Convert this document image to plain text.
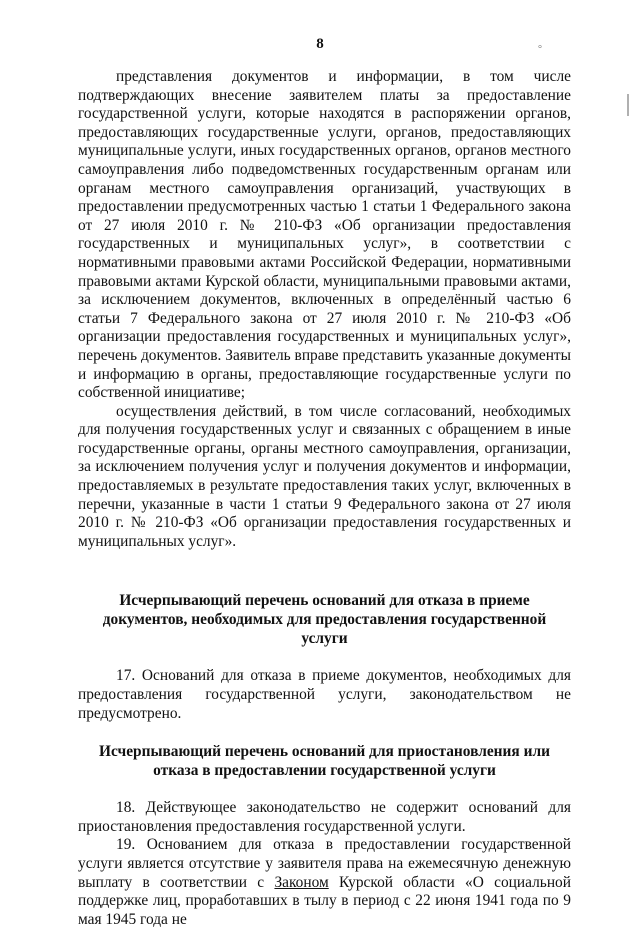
8	°

представления документов и информации, в том числе подтверждающих внесение заявителем платы за предоставление государственной услуги, которые находятся в распоряжении органов, предоставляющих государственные услуги, органов, предоставляющих муниципальные услуги, иных государственных органов, органов местного самоуправления либо подведомственных государственным органам или органам местного самоуправления организаций, участвующих в предоставлении предусмотренных частью 1 статьи 1 Федерального закона от 27 июля 2010 г. № 210-ФЗ «Об организации предоставления государственных и муниципальных услуг», в соответствии с нормативными правовыми актами Российской Федерации, нормативными правовыми актами Курской области, муниципальными правовыми актами, за исключением документов, включенных в определённый частью 6 статьи 7 Федерального закона от 27 июля 2010 г. № 210-ФЗ «Об организации предоставления государственных и муниципальных услуг», перечень документов. Заявитель вправе представить указанные документы и информацию в органы, предоставляющие государственные услуги по собственной инициативе;

осуществления действий, в том числе согласований, необходимых для получения государственных услуг и связанных с обращением в иные государственные органы, органы местного самоуправления, организации, за исключением получения услуг и получения документов и информации, предоставляемых в результате предоставления таких услуг, включенных в перечни, указанные в части 1 статьи 9 Федерального закона от 27 июля 2010 г. № 210-ФЗ «Об организации предоставления государственных и муниципальных услуг».

Исчерпывающий перечень оснований для отказа в приеме документов, необходимых для предоставления государственной услуги

17. Оснований для отказа в приеме документов, необходимых для предоставления государственной услуги, законодательством не предусмотрено.

Исчерпывающий перечень оснований для приостановления или отказа в предоставлении государственной услуги

18. Действующее законодательство не содержит оснований для приостановления предоставления государственной услуги.

19. Основанием для отказа в предоставлении государственной услуги является отсутствие у заявителя права на ежемесячную денежную выплату в соответствии с Законом Курской области «О социальной поддержке лиц, проработавших в тылу в период с 22 июня 1941 года по 9 мая 1945 года не
